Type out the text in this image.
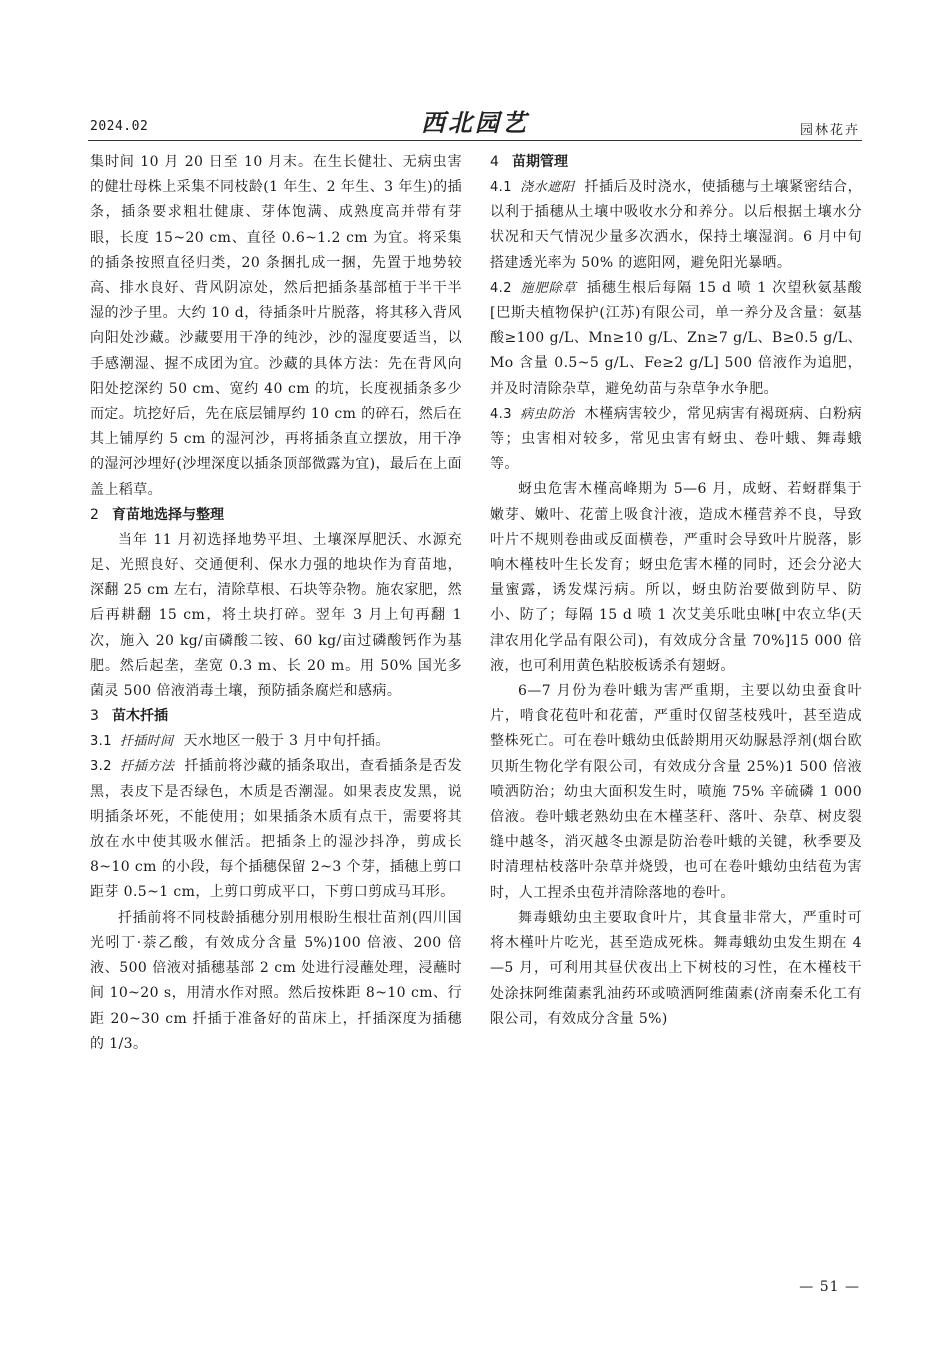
2024.02	西北园艺	园林花卉

集时间 10 月 20 日至 10 月末。在生长健壮、无病虫害的健壮母株上采集不同枝龄(1 年生、2 年生、3 年生)的插条，插条要求粗壮健康、芽体饱满、成熟度高并带有芽眼，长度 15~20 cm、直径 0.6~1.2 cm 为宜。将采集的插条按照直径归类，20 条捆扎成一捆，先置于地势较高、排水良好、背风阴凉处，然后把插条基部植于半干半湿的沙子里。大约 10 d，待插条叶片脱落，将其移入背风向阳处沙藏。沙藏要用干净的纯沙，沙的湿度要适当，以手感潮湿、握不成团为宜。沙藏的具体方法：先在背风向阳处挖深约 50 cm、宽约 40 cm 的坑，长度视插条多少而定。坑挖好后，先在底层铺厚约 10 cm 的碎石，然后在其上铺厚约 5 cm 的湿河沙，再将插条直立摆放，用干净的湿河沙埋好(沙埋深度以插条顶部微露为宜)，最后在上面盖上稻草。

2 育苗地选择与整理

当年 11 月初选择地势平坦、土壤深厚肥沃、水源充足、光照良好、交通便利、保水力强的地块作为育苗地，深翻 25 cm 左右，清除草根、石块等杂物。施农家肥，然后再耕翻 15 cm，将土块打碎。翌年 3 月上旬再翻 1 次，施入 20 kg/亩磷酸二铵、60 kg/亩过磷酸钙作为基肥。然后起垄，垄宽 0.3 m、长 20 m。用 50% 国光多菌灵 500 倍液消毒土壤，预防插条腐烂和感病。

3 苗木扦插

3.1 扦插时间 天水地区一般于 3 月中旬扦插。

3.2 扦插方法 扦插前将沙藏的插条取出，查看插条是否发黑，表皮下是否绿色，木质是否潮湿。如果表皮发黑，说明插条坏死，不能使用；如果插条木质有点干，需要将其放在水中使其吸水催活。把插条上的湿沙抖净，剪成长 8~10 cm 的小段，每个插穗保留 2~3 个芽，插穗上剪口距芽 0.5~1 cm，上剪口剪成平口，下剪口剪成马耳形。

扦插前将不同枝龄插穗分别用根盼生根壮苗剂(四川国光吲丁·萘乙酸，有效成分含量 5%)100 倍液、200 倍液、500 倍液对插穗基部 2 cm 处进行浸蘸处理，浸蘸时间 10~20 s，用清水作对照。然后按株距 8~10 cm、行距 20~30 cm 扦插于准备好的苗床上，扦插深度为插穗的 1/3。

4 苗期管理

4.1 浇水遮阳 扦插后及时浇水，使插穗与土壤紧密结合，以利于插穗从土壤中吸收水分和养分。以后根据土壤水分状况和天气情况少量多次洒水，保持土壤湿润。6 月中旬搭建透光率为 50% 的遮阳网，避免阳光暴晒。

4.2 施肥除草 插穗生根后每隔 15 d 喷 1 次望秋氨基酸[巴斯夫植物保护(江苏)有限公司，单一养分及含量：氨基酸≥100 g/L、Mn≥10 g/L、Zn≥7 g/L、B≥0.5 g/L、Mo 含量 0.5~5 g/L、Fe≥2 g/L] 500 倍液作为追肥，并及时清除杂草，避免幼苗与杂草争水争肥。

4.3 病虫防治 木槿病害较少，常见病害有褐斑病、白粉病等；虫害相对较多，常见虫害有蚜虫、卷叶蛾、舞毒蛾等。

蚜虫危害木槿高峰期为 5—6 月，成蚜、若蚜群集于嫩芽、嫩叶、花蕾上吸食汁液，造成木槿营养不良，导致叶片不规则卷曲或反面横卷，严重时会导致叶片脱落，影响木槿枝叶生长发育；蚜虫危害木槿的同时，还会分泌大量蜜露，诱发煤污病。所以，蚜虫防治要做到防早、防小、防了；每隔 15 d 喷 1 次艾美乐吡虫啉[中农立华(天津农用化学品有限公司)，有效成分含量 70%]15 000 倍液，也可利用黄色粘胶板诱杀有翅蚜。

6—7 月份为卷叶蛾为害严重期，主要以幼虫蚕食叶片，啃食花苞叶和花蕾，严重时仅留茎枝残叶，甚至造成整株死亡。可在卷叶蛾幼虫低龄期用灭幼脲悬浮剂(烟台欧贝斯生物化学有限公司，有效成分含量 25%)1 500 倍液喷洒防治；幼虫大面积发生时，喷施 75% 辛硫磷 1 000 倍液。卷叶蛾老熟幼虫在木槿茎秆、落叶、杂草、树皮裂缝中越冬，消灭越冬虫源是防治卷叶蛾的关键，秋季要及时清理枯枝落叶杂草并烧毁，也可在卷叶蛾幼虫结苞为害时，人工捏杀虫苞并清除落地的卷叶。

舞毒蛾幼虫主要取食叶片，其食量非常大，严重时可将木槿叶片吃光，甚至造成死株。舞毒蛾幼虫发生期在 4—5 月，可利用其昼伏夜出上下树枝的习性，在木槿枝干处涂抹阿维菌素乳油药环或喷洒阿维菌素(济南秦禾化工有限公司，有效成分含量 5%)

— 51 —
